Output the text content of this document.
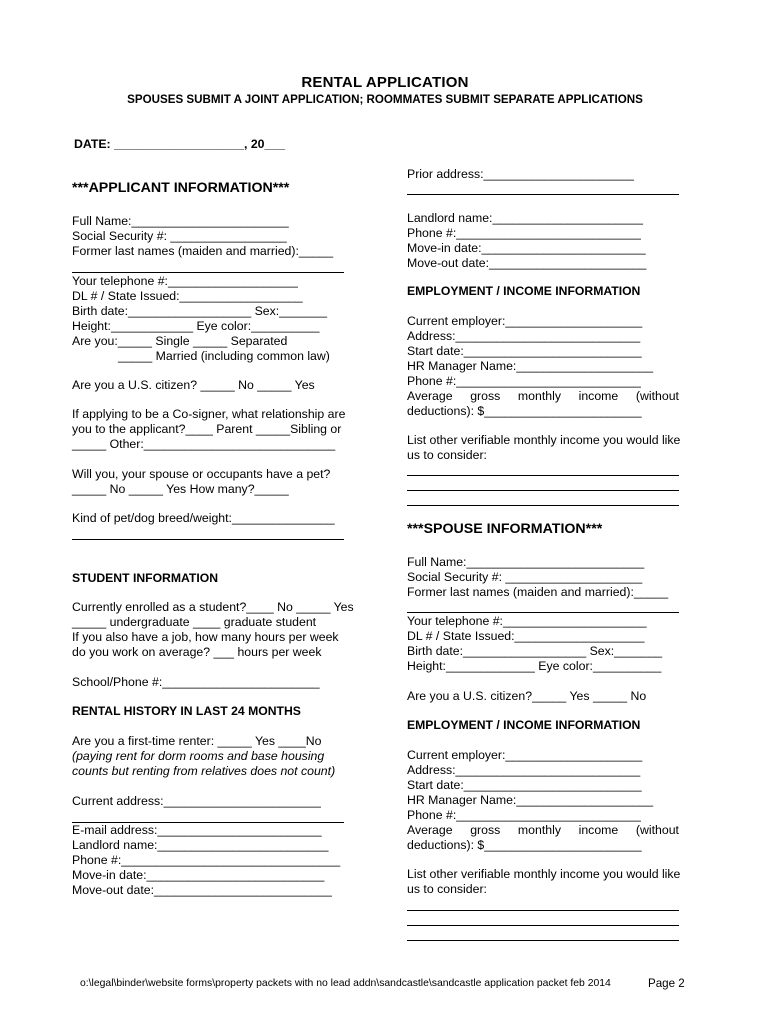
RENTAL APPLICATION
SPOUSES SUBMIT A JOINT APPLICATION; ROOMMATES SUBMIT SEPARATE APPLICATIONS
DATE: ___________________, 20___
***APPLICANT INFORMATION***
Full Name:_______________________
Social Security #: _________________
Former last names (maiden and married):_____
Your telephone #:___________________
DL # / State Issued:__________________
Birth date:__________________ Sex:_______
Height:____________ Eye color:__________
Are you:_____ Single _____ Separated
_____ Married (including common law)
Are you a U.S. citizen? _____ No _____ Yes
If applying to be a Co-signer, what relationship are
you to the applicant?____ Parent _____Sibling or
_____ Other:____________________________
Will you, your spouse or occupants have a pet?
_____ No _____ Yes How many?_____
Kind of pet/dog breed/weight:_______________
STUDENT INFORMATION
Currently enrolled as a student?____ No _____ Yes
_____ undergraduate ____ graduate student
If you also have a job, how many hours per week
do you work on average? ___ hours per week
School/Phone #:_______________________
RENTAL HISTORY IN LAST 24 MONTHS
Are you a first-time renter: _____ Yes ____No
(paying rent for dorm rooms and base housing
counts but renting from relatives does not count)
Current address:_______________________
E-mail address:________________________
Landlord name:_________________________
Phone #:________________________________
Move-in date:__________________________
Move-out date:__________________________
Prior address:______________________
Landlord name:______________________
Phone #:___________________________
Move-in date:________________________
Move-out date:_______________________
EMPLOYMENT / INCOME INFORMATION
Current employer:____________________
Address:___________________________
Start date:__________________________
HR Manager Name:____________________
Phone #:___________________________
Average gross monthly income (without
deductions): $_______________________
List other verifiable monthly income you would like
us to consider:
***SPOUSE INFORMATION***
Full Name:__________________________
Social Security #: ____________________
Former last names (maiden and married):_____
Your telephone #:_____________________
DL # / State Issued:___________________
Birth date:__________________ Sex:_______
Height:_____________ Eye color:__________
Are you a U.S. citizen?_____ Yes _____ No
EMPLOYMENT / INCOME INFORMATION
Current employer:____________________
Address:___________________________
Start date:__________________________
HR Manager Name:____________________
Phone #:___________________________
Average gross monthly income (without
deductions): $_______________________
List other verifiable monthly income you would like
us to consider:
o:\legal\binder\website forms\property packets with no lead addn\sandcastle\sandcastle application packet feb 2014	Page 2
